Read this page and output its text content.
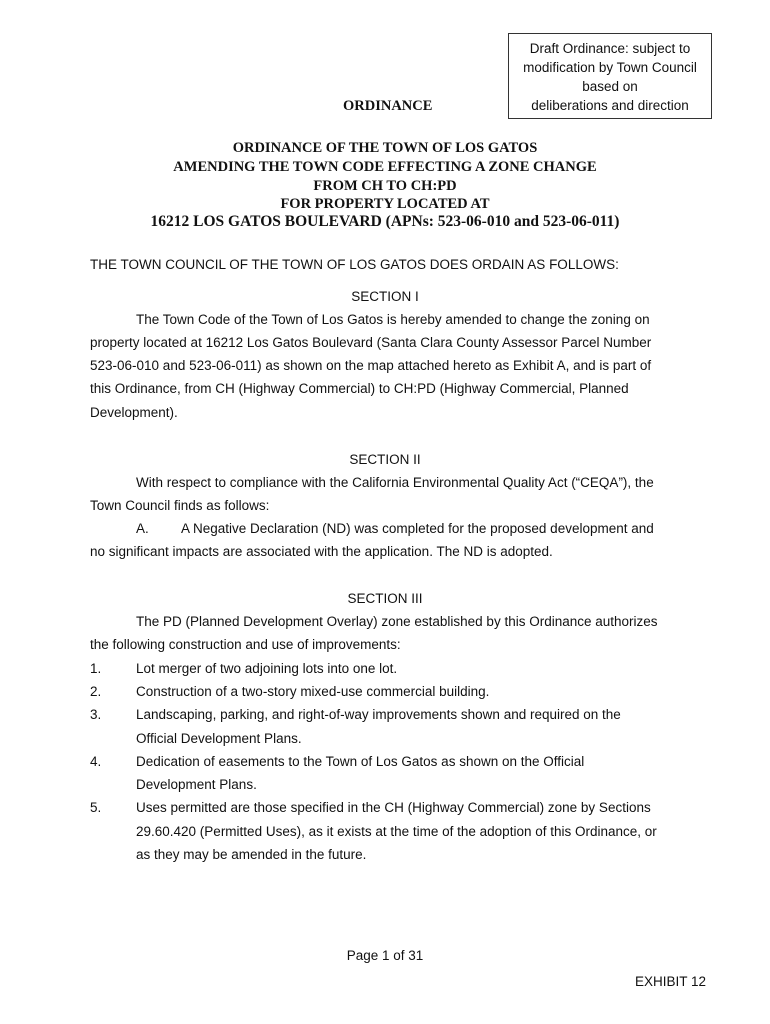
Draft Ordinance: subject to
modification by Town Council
based on
deliberations and direction
ORDINANCE
ORDINANCE OF THE TOWN OF LOS GATOS
AMENDING THE TOWN CODE EFFECTING A ZONE CHANGE
FROM CH TO CH:PD
FOR PROPERTY LOCATED AT
16212 LOS GATOS BOULEVARD (APNs: 523-06-010 and 523-06-011)
THE TOWN COUNCIL OF THE TOWN OF LOS GATOS DOES ORDAIN AS FOLLOWS:
SECTION I
The Town Code of the Town of Los Gatos is hereby amended to change the zoning on
property located at 16212 Los Gatos Boulevard (Santa Clara County Assessor Parcel Number
523-06-010 and 523-06-011) as shown on the map attached hereto as Exhibit A, and is part of
this Ordinance, from CH (Highway Commercial) to CH:PD (Highway Commercial, Planned
Development).
SECTION II
With respect to compliance with the California Environmental Quality Act (“CEQA”), the
Town Council finds as follows:
A. A Negative Declaration (ND) was completed for the proposed development and
no significant impacts are associated with the application. The ND is adopted.
SECTION III
The PD (Planned Development Overlay) zone established by this Ordinance authorizes
the following construction and use of improvements:
1.	Lot merger of two adjoining lots into one lot.
2.	Construction of a two-story mixed-use commercial building.
3.	Landscaping, parking, and right-of-way improvements shown and required on the
Official Development Plans.
4.	Dedication of easements to the Town of Los Gatos as shown on the Official
Development Plans.
5.	Uses permitted are those specified in the CH (Highway Commercial) zone by Sections
29.60.420 (Permitted Uses), as it exists at the time of the adoption of this Ordinance, or
as they may be amended in the future.
Page 1 of 31
EXHIBIT 12
